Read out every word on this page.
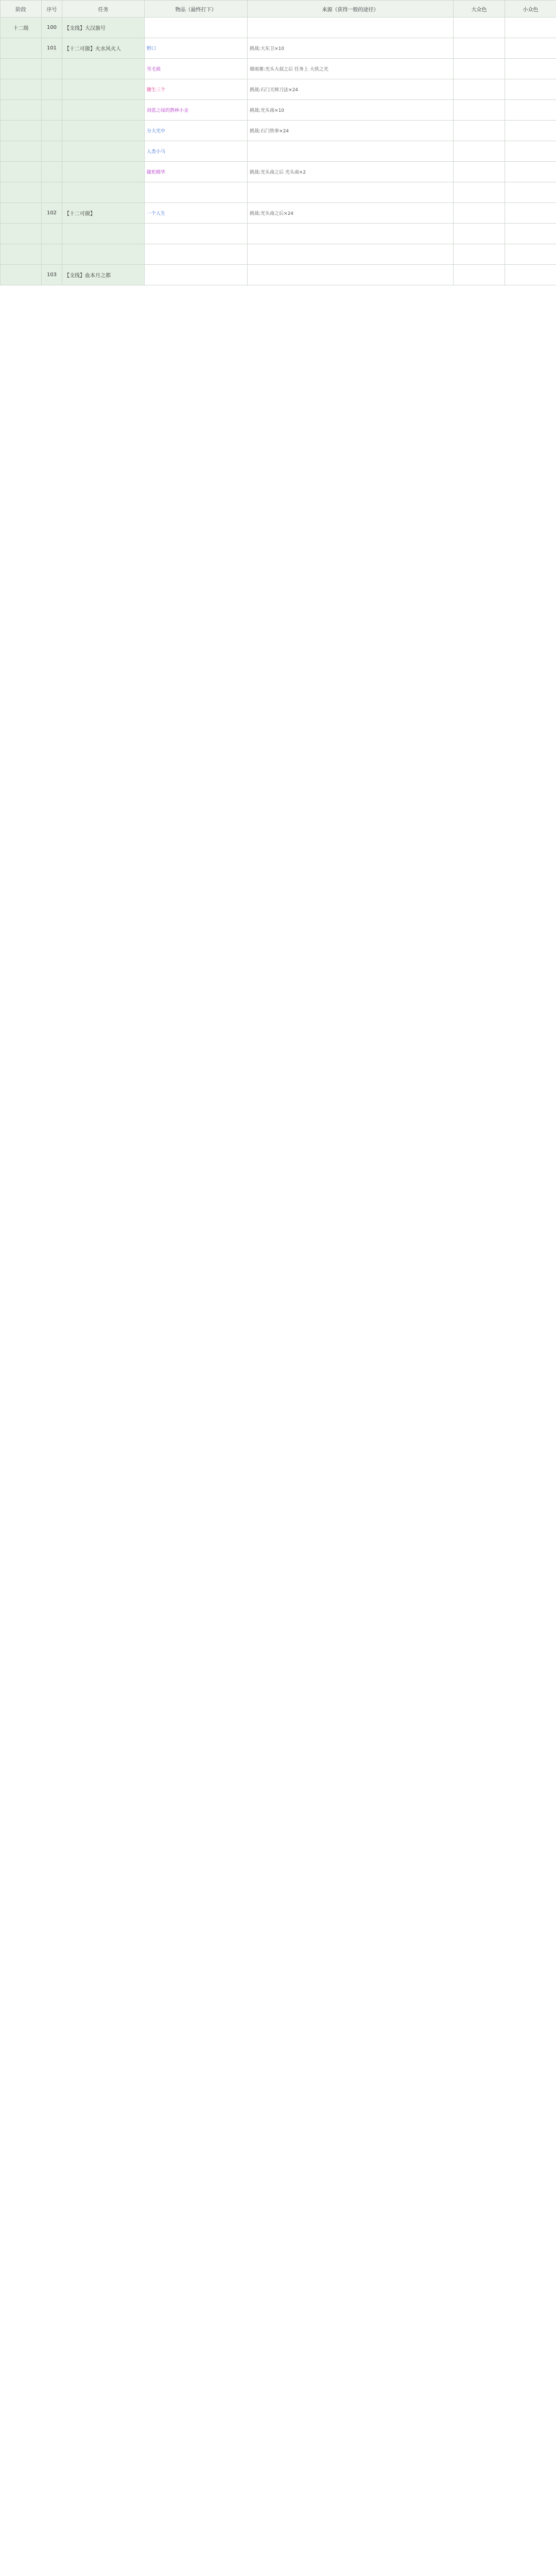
阶段	序号	任务	物品（最终打下）	来源（获得一般的途径）	大众色	小众色
十二级	100	【支线】大汉旗号				
	101	【十二可做】火水风火人	野口	挑战:大东卫×10		
			雪毛熊	烟雨寨:光头大叔之后 任务上 大侠之光		
			腰生三个	挑战:石门天师刀法×24		
			剑蓝之绿的鹊林小金	挑战:光头南×10		
			分大光中	挑战:石门铁拳×24		
			人类小马			
			随机精华	挑战:光头南之后 光头南×2		

	102	【十二可做】	一个人生	挑战:光头南之后×24		

	103	【支线】血本月之都				
